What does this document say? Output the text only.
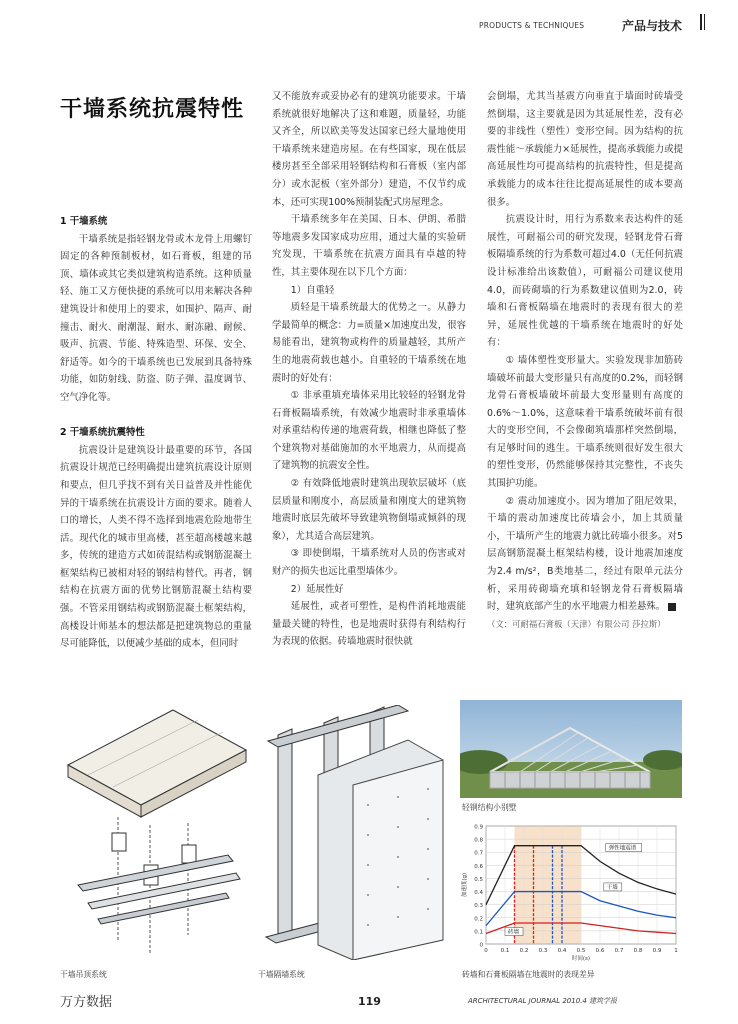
PRODUCTS & TECHNIQUES	产品与技术
干墙系统抗震特性

1 干墙系统

干墙系统是指轻钢龙骨或木龙骨上用螺钉固定的各种预制板材，如石膏板，组建的吊顶、墙体或其它类似建筑构造系统。这种质量轻、施工又方便快捷的系统可以用来解决各种建筑设计和使用上的要求，如围护、隔声、耐撞击、耐火、耐潮湿、耐水、耐冻融、耐候、吸声、抗震、节能、特殊造型、环保、安全、舒适等。如今的干墙系统也已发展到具备特殊功能，如防射线、防盗、防子弹、温度调节、空气净化等。

2 干墙系统抗震特性

抗震设计是建筑设计最重要的环节，各国抗震设计规范已经明确提出建筑抗震设计原则和要点，但几乎找不到有关日益普及并性能优异的干墙系统在抗震设计方面的要求。随着人口的增长，人类不得不选择到地震危险地带生活。现代化的城市里高楼，甚至超高楼越来越多，传统的建造方式如砖混结构或钢筋混凝土框架结构已被相对轻的钢结构替代。再者，钢结构在抗震方面的优势比钢筋混凝土结构要强。不管采用钢结构或钢筋混凝土框架结构，高楼设计师基本的想法都是把建筑物总的重量尽可能降低，以便减少基础的成本，但同时

又不能放弃或妥协必有的建筑功能要求。干墙系统就很好地解决了这和难题，质量轻，功能又齐全，所以欧美等发达国家已经大量地使用干墙系统来建造房屋。在有些国家，现在低层楼房甚至全部采用轻钢结构和石膏板（室内部分）或水泥板（室外部分）建造，不仅节约成本，还可实现100%预制装配式房屋理念。

干墙系统多年在美国、日本、伊朗、希腊等地震多发国家成功应用，通过大量的实验研究发现，干墙系统在抗震方面具有卓越的特性，其主要体现在以下几个方面：

1）自重轻

质轻是干墙系统最大的优势之一。从静力学最简单的概念：力=质量×加速度出发，很容易能看出，建筑物或构件的质量越轻，其所产生的地震荷载也越小。自重轻的干墙系统在地震时的好处有：

① 非承重填充墙体采用比较轻的轻钢龙骨石膏板隔墙系统，有效减少地震时非承重墙体对承重结构传递的地震荷载，相继也降低了整个建筑物对基础施加的水平地震力，从而提高了建筑物的抗震安全性。

② 有效降低地震时建筑出现软层破坏（底层质量和刚度小，高层质量和刚度大的建筑物地震时底层先破坏导致建筑物倒塌或倾斜的现象），尤其适合高层建筑。

③ 即使倒塌，干墙系统对人员的伤害或对财产的损失也远比重型墙体少。

2）延展性好

延展性，或者可塑性，是构件消耗地震能量最关键的特性，也是地震时获得有利结构行为表现的依据。砖墙地震时很快就

会倒塌，尤其当基震方向垂直于墙面时砖墙受然倒塌，这主要就是因为其延展性差，没有必要的非线性（塑性）变形空间。因为结构的抗震性能～承载能力×延展性，提高承载能力或提高延展性均可提高结构的抗震特性，但是提高承载能力的成本往往比提高延展性的成本要高很多。

抗震设计时，用行为系数来表达构件的延展性，可耐福公司的研究发现，轻钢龙骨石膏板隔墙系统的行为系数可超过4.0（无任何抗震设计标准给出该数值），可耐福公司建议使用4.0，而砖砌墙的行为系数建议值则为2.0，砖墙和石膏板隔墙在地震时的表现有很大的差异，延展性优越的干墙系统在地震时的好处有：

① 墙体塑性变形量大。实验发现非加筋砖墙破坏前最大变形量只有高度的0.2%，而轻钢龙骨石膏板墙破坏前最大变形量则有高度的0.6%～1.0%，这意味着干墙系统破坏前有很大的变形空间，不会像砌筑墙那样突然倒塌，有足够时间的逃生。干墙系统则很好发生很大的塑性变形，仍然能够保持其完整性，不丧失其围护功能。

② 震动加速度小。因为增加了阻尼效果，干墙的震动加速度比砖墙会小，加上其质量小，干墙所产生的地震力就比砖墙小很多。对5层高钢筋混凝土框架结构楼，设计地震加速度为2.4 m/s²，B类地基二，经过有限单元法分析，采用砖砌墙充填和轻钢龙骨石膏板隔墙时，建筑底部产生的水平地震力相差悬殊。

（文：可耐福石膏板（天津）有限公司 莎拉斯）

干墙吊顶系统	干墙隔墙系统
轻钢结构小别墅
0
0.1
0.2
0.3
0.4
0.5
0.6
0.7
0.8
0.9
0 0.1 0.2 0.3 0.4 0.5 0.6 0.7 0.8 0.9 1
弹性地震谱
干墙
砖墙
时间(s)
加速度(g)
砖墙和石膏板隔墙在地震时的表现差异
万方数据	119	ARCHITECTURAL JOURNAL 2010.4 建筑学报
